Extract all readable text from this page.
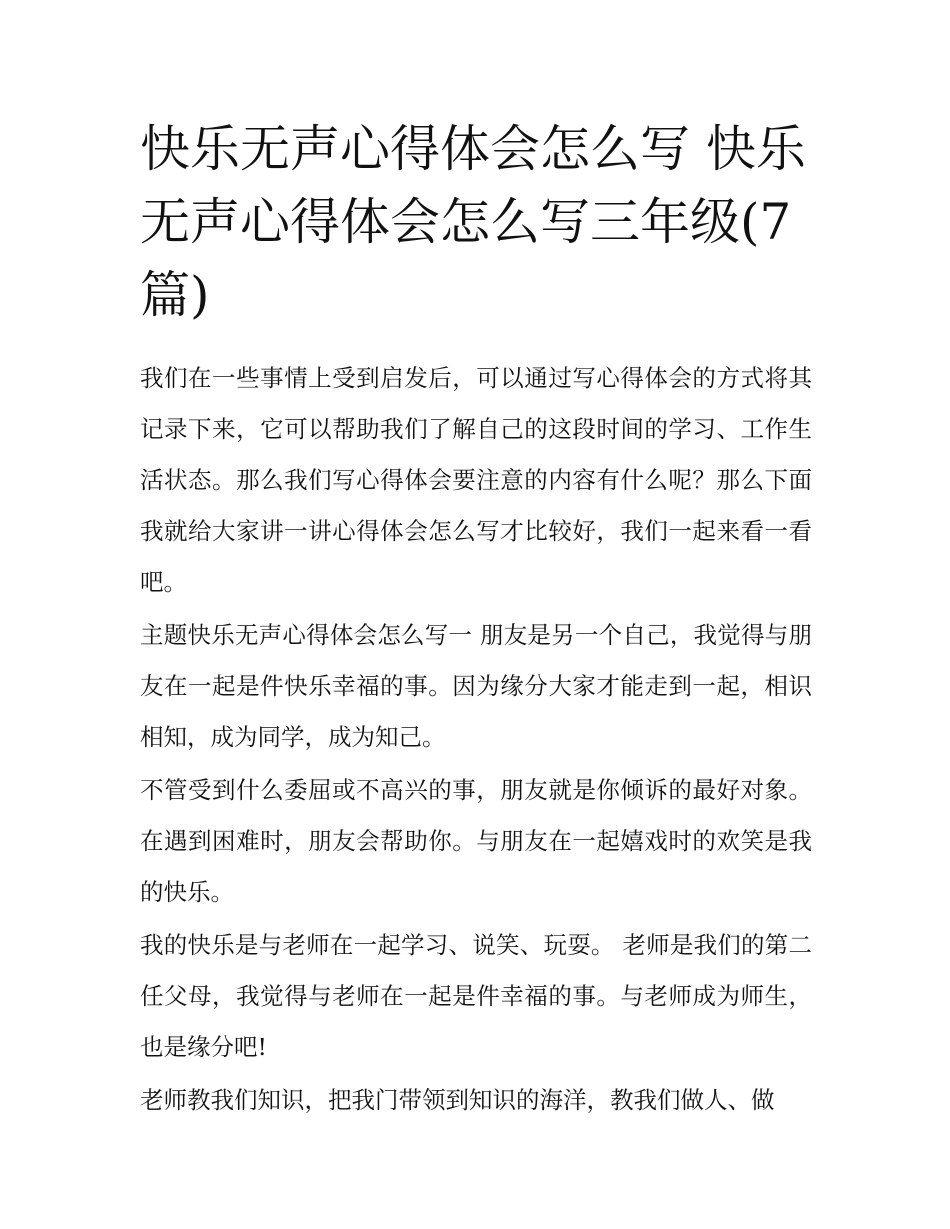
快乐无声心得体会怎么写 快乐无声心得体会怎么写三年级(7篇)

我们在一些事情上受到启发后，可以通过写心得体会的方式将其记录下来，它可以帮助我们了解自己的这段时间的学习、工作生活状态。那么我们写心得体会要注意的内容有什么呢？那么下面我就给大家讲一讲心得体会怎么写才比较好，我们一起来看一看吧。

主题快乐无声心得体会怎么写一 朋友是另一个自己，我觉得与朋友在一起是件快乐幸福的事。因为缘分大家才能走到一起，相识相知，成为同学，成为知己。

不管受到什么委屈或不高兴的事，朋友就是你倾诉的最好对象。在遇到困难时，朋友会帮助你。与朋友在一起嬉戏时的欢笑是我的快乐。

我的快乐是与老师在一起学习、说笑、玩耍。 老师是我们的第二任父母，我觉得与老师在一起是件幸福的事。与老师成为师生，也是缘分吧!

老师教我们知识，把我门带领到知识的海洋，教我们做人、做
